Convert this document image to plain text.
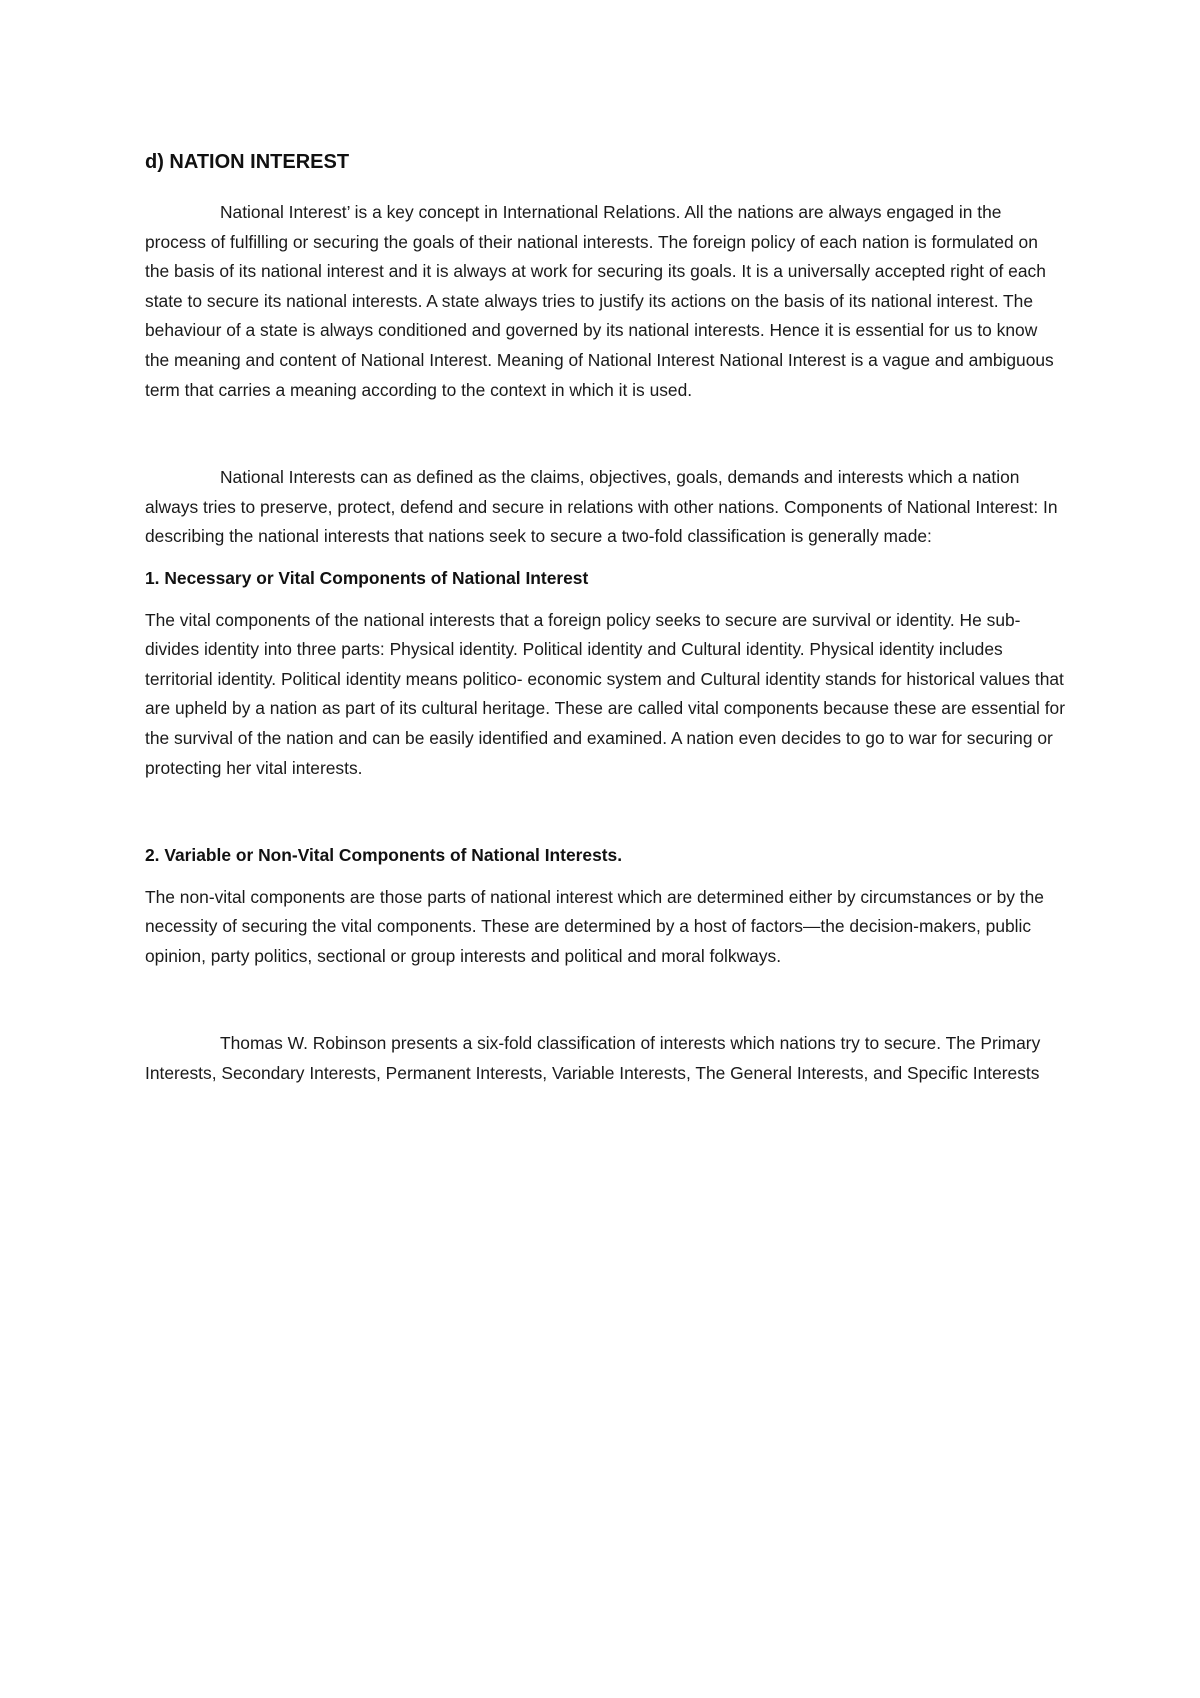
d) NATION INTEREST

National Interest’ is a key concept in International Relations. All the nations are always engaged in the process of fulfilling or securing the goals of their national interests. The foreign policy of each nation is formulated on the basis of its national interest and it is always at work for securing its goals. It is a universally accepted right of each state to secure its national interests. A state always tries to justify its actions on the basis of its national interest. The behaviour of a state is always conditioned and governed by its national interests. Hence it is essential for us to know the meaning and content of National Interest. Meaning of National Interest National Interest is a vague and ambiguous term that carries a meaning according to the context in which it is used.

National Interests can as defined as the claims, objectives, goals, demands and interests which a nation always tries to preserve, protect, defend and secure in relations with other nations. Components of National Interest: In describing the national interests that nations seek to secure a two-fold classification is generally made:

1. Necessary or Vital Components of National Interest

The vital components of the national interests that a foreign policy seeks to secure are survival or identity. He sub-divides identity into three parts: Physical identity. Political identity and Cultural identity. Physical identity includes territorial identity. Political identity means politico- economic system and Cultural identity stands for historical values that are upheld by a nation as part of its cultural heritage. These are called vital components because these are essential for the survival of the nation and can be easily identified and examined. A nation even decides to go to war for securing or protecting her vital interests.

2. Variable or Non-Vital Components of National Interests.

The non-vital components are those parts of national interest which are determined either by circumstances or by the necessity of securing the vital components. These are determined by a host of factors—the decision-makers, public opinion, party politics, sectional or group interests and political and moral folkways.

Thomas W. Robinson presents a six-fold classification of interests which nations try to secure. The Primary Interests, Secondary Interests, Permanent Interests, Variable Interests, The General Interests, and Specific Interests
